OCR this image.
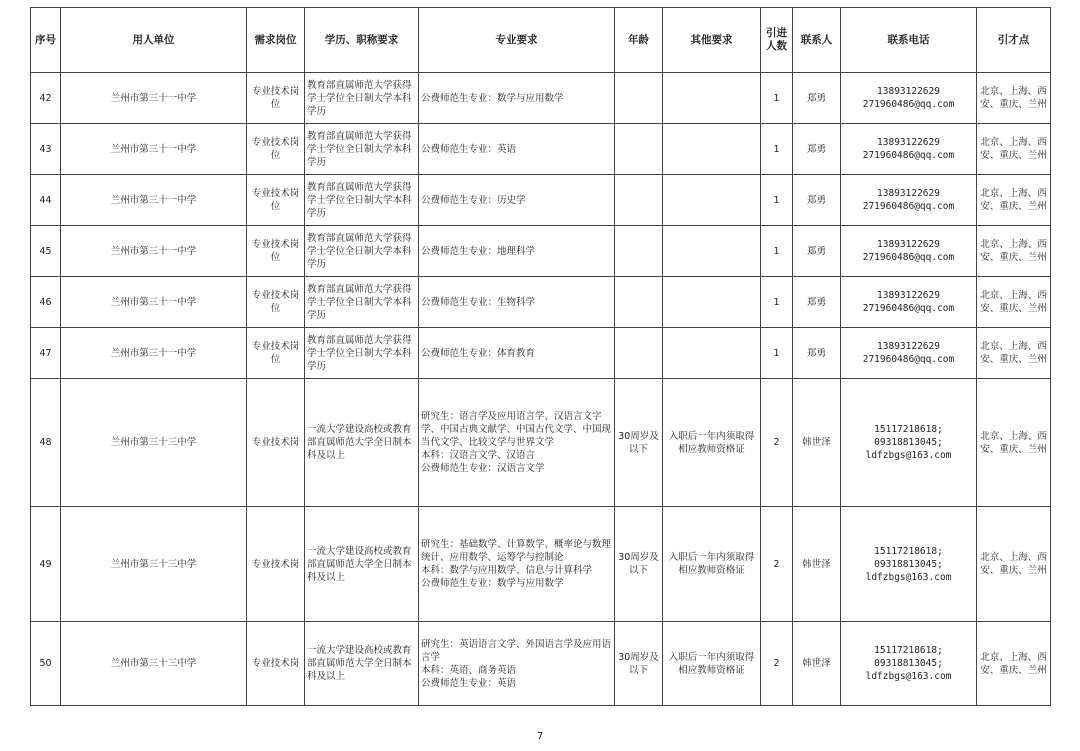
序号	用人单位	需求岗位	学历、职称要求	专业要求	年龄	其他要求	引进人数	联系人	联系电话	引才点
42	兰州市第三十一中学	专业技术岗位	教育部直属师范大学获得学士学位全日制大学本科学历	公费师范生专业：数学与应用数学			1	郑勇	13893122629
271960486@qq.com	北京、上海、西安、重庆、兰州
43	兰州市第三十一中学	专业技术岗位	教育部直属师范大学获得学士学位全日制大学本科学历	公费师范生专业：英语			1	郑勇	13893122629
271960486@qq.com	北京、上海、西安、重庆、兰州
44	兰州市第三十一中学	专业技术岗位	教育部直属师范大学获得学士学位全日制大学本科学历	公费师范生专业：历史学			1	郑勇	13893122629
271960486@qq.com	北京、上海、西安、重庆、兰州
45	兰州市第三十一中学	专业技术岗位	教育部直属师范大学获得学士学位全日制大学本科学历	公费师范生专业：地理科学			1	郑勇	13893122629
271960486@qq.com	北京、上海、西安、重庆、兰州
46	兰州市第三十一中学	专业技术岗位	教育部直属师范大学获得学士学位全日制大学本科学历	公费师范生专业：生物科学			1	郑勇	13893122629
271960486@qq.com	北京、上海、西安、重庆、兰州
47	兰州市第三十一中学	专业技术岗位	教育部直属师范大学获得学士学位全日制大学本科学历	公费师范生专业：体育教育			1	郑勇	13893122629
271960486@qq.com	北京、上海、西安、重庆、兰州
48	兰州市第三十三中学	专业技术岗	一流大学建设高校或教育部直属师范大学全日制本科及以上	研究生：语言学及应用语言学、汉语言文字学、中国古典文献学、中国古代文学、中国现当代文学、比较文学与世界文学
本科：汉语言文学、汉语言
公费师范生专业：汉语言文学	30周岁及以下	入职后一年内须取得相应教师资格证	2	韩世泽	15117218618;
09318813045;
ldfzbgs@163.com	北京、上海、西安、重庆、兰州
49	兰州市第三十三中学	专业技术岗	一流大学建设高校或教育部直属师范大学全日制本科及以上	研究生：基础数学、计算数学、概率论与数理统计、应用数学、运筹学与控制论
本科：数学与应用数学、信息与计算科学
公费师范生专业：数学与应用数学	30周岁及以下	入职后一年内须取得相应教师资格证	2	韩世泽	15117218618;
09318813045;
ldfzbgs@163.com	北京、上海、西安、重庆、兰州
50	兰州市第三十三中学	专业技术岗	一流大学建设高校或教育部直属师范大学全日制本科及以上	研究生：英语语言文学、外国语言学及应用语言学
本科：英语、商务英语
公费师范生专业：英语	30周岁及以下	入职后一年内须取得相应教师资格证	2	韩世泽	15117218618;
09318813045;
ldfzbgs@163.com	北京、上海、西安、重庆、兰州
7
